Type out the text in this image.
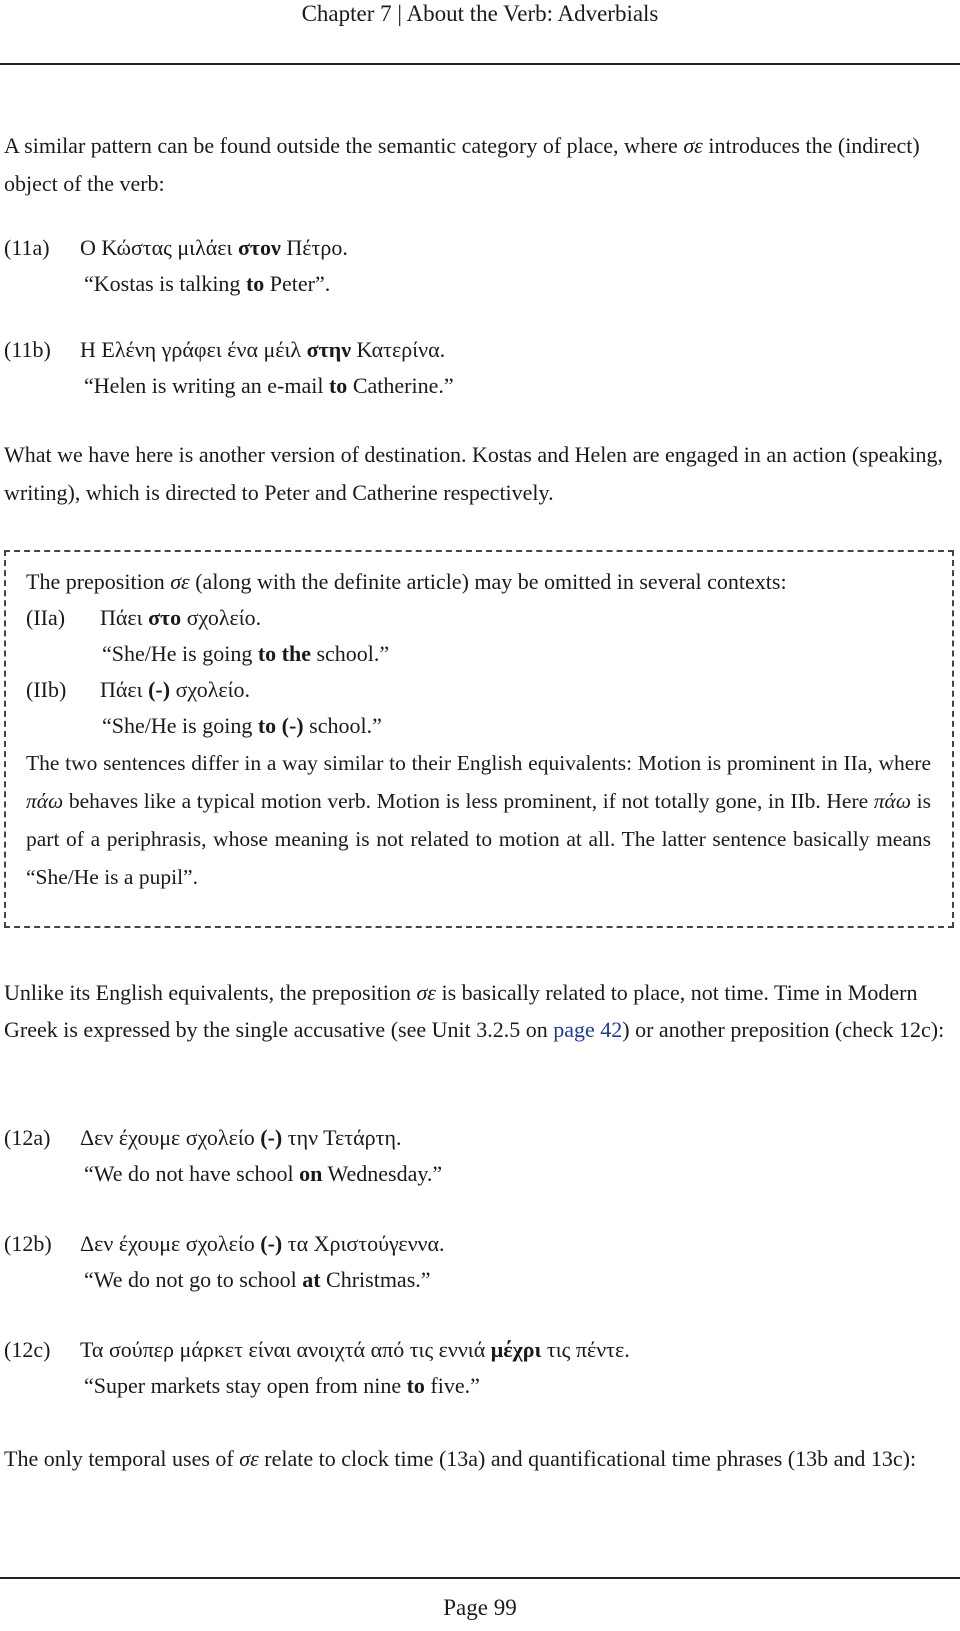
Chapter 7 | About the Verb: Adverbials
A similar pattern can be found outside the semantic category of place, where σε introduces the (indirect) object of the verb:
(11a) Ο Κώστας μιλάει στον Πέτρο.
“Kostas is talking to Peter”.
(11b) Η Ελένη γράφει ένα μέιλ στην Κατερίνα.
“Helen is writing an e-mail to Catherine.”
What we have here is another version of destination. Kostas and Helen are engaged in an action (speaking, writing), which is directed to Peter and Catherine respectively.
The preposition σε (along with the definite article) may be omitted in several contexts:
(IIa) Πάει στο σχολείο.
“She/He is going to the school.”
(IIb) Πάει (-) σχολείο.
“She/He is going to (-) school.”
The two sentences differ in a way similar to their English equivalents: Motion is prominent in IIa, where πάω behaves like a typical motion verb. Motion is less prominent, if not totally gone, in IIb. Here πάω is part of a periphrasis, whose meaning is not related to motion at all. The latter sentence basically means “She/He is a pupil”.
Unlike its English equivalents, the preposition σε is basically related to place, not time. Time in Modern Greek is expressed by the single accusative (see Unit 3.2.5 on page 42) or another preposition (check 12c):
(12a) Δεν έχουμε σχολείο (-) την Τετάρτη.
“We do not have school on Wednesday.”
(12b) Δεν έχουμε σχολείο (-) τα Χριστούγεννα.
“We do not go to school at Christmas.”
(12c) Τα σούπερ μάρκετ είναι ανοιχτά από τις εννιά μέχρι τις πέντε.
“Super markets stay open from nine to five.”
The only temporal uses of σε relate to clock time (13a) and quantificational time phrases (13b and 13c):
Page 99
